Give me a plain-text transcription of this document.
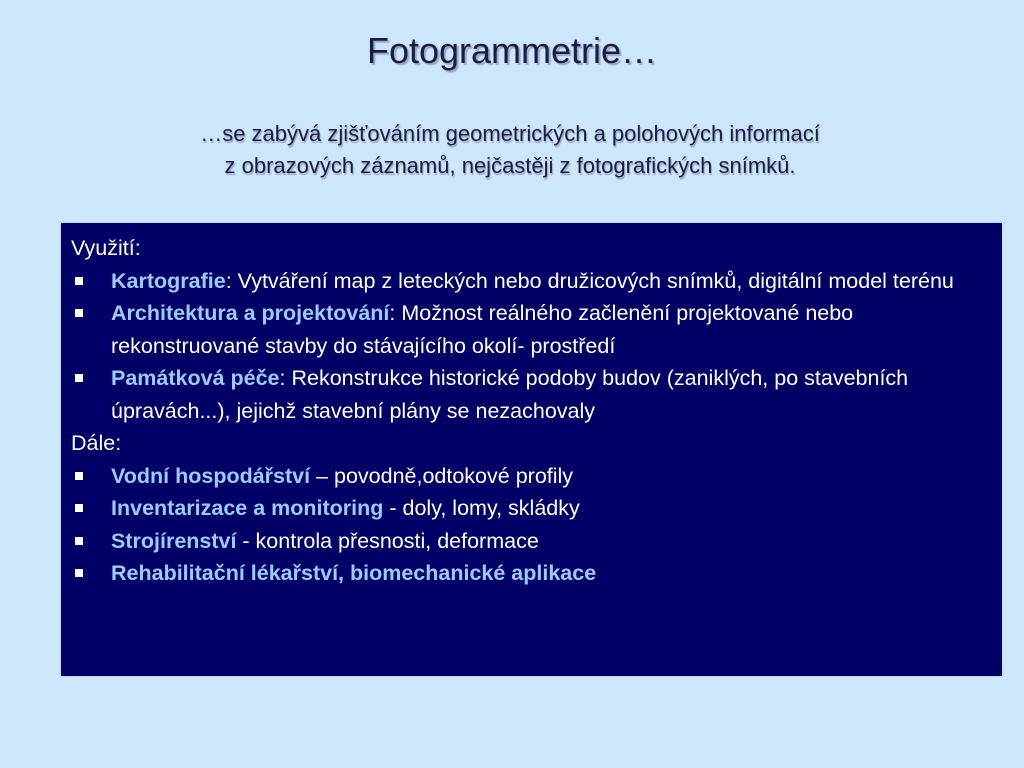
Fotogrammetrie…
…se zabývá zjišťováním geometrických a polohových informací
z obrazových záznamů, nejčastěji z fotografických snímků.
Využití:
Kartografie: Vytváření map z leteckých nebo družicových snímků, digitální model terénu
Architektura a projektování: Možnost reálného začlenění projektované nebo rekonstruované stavby do stávajícího okolí- prostředí
Památková péče: Rekonstrukce historické podoby budov (zaniklých, po stavebních úpravách...), jejichž stavební plány se nezachovaly
Dále:
Vodní hospodářství – povodně,odtokové profily
Inventarizace a monitoring - doly, lomy, skládky
Strojírenství - kontrola přesnosti, deformace
Rehabilitační lékařství, biomechanické aplikace
